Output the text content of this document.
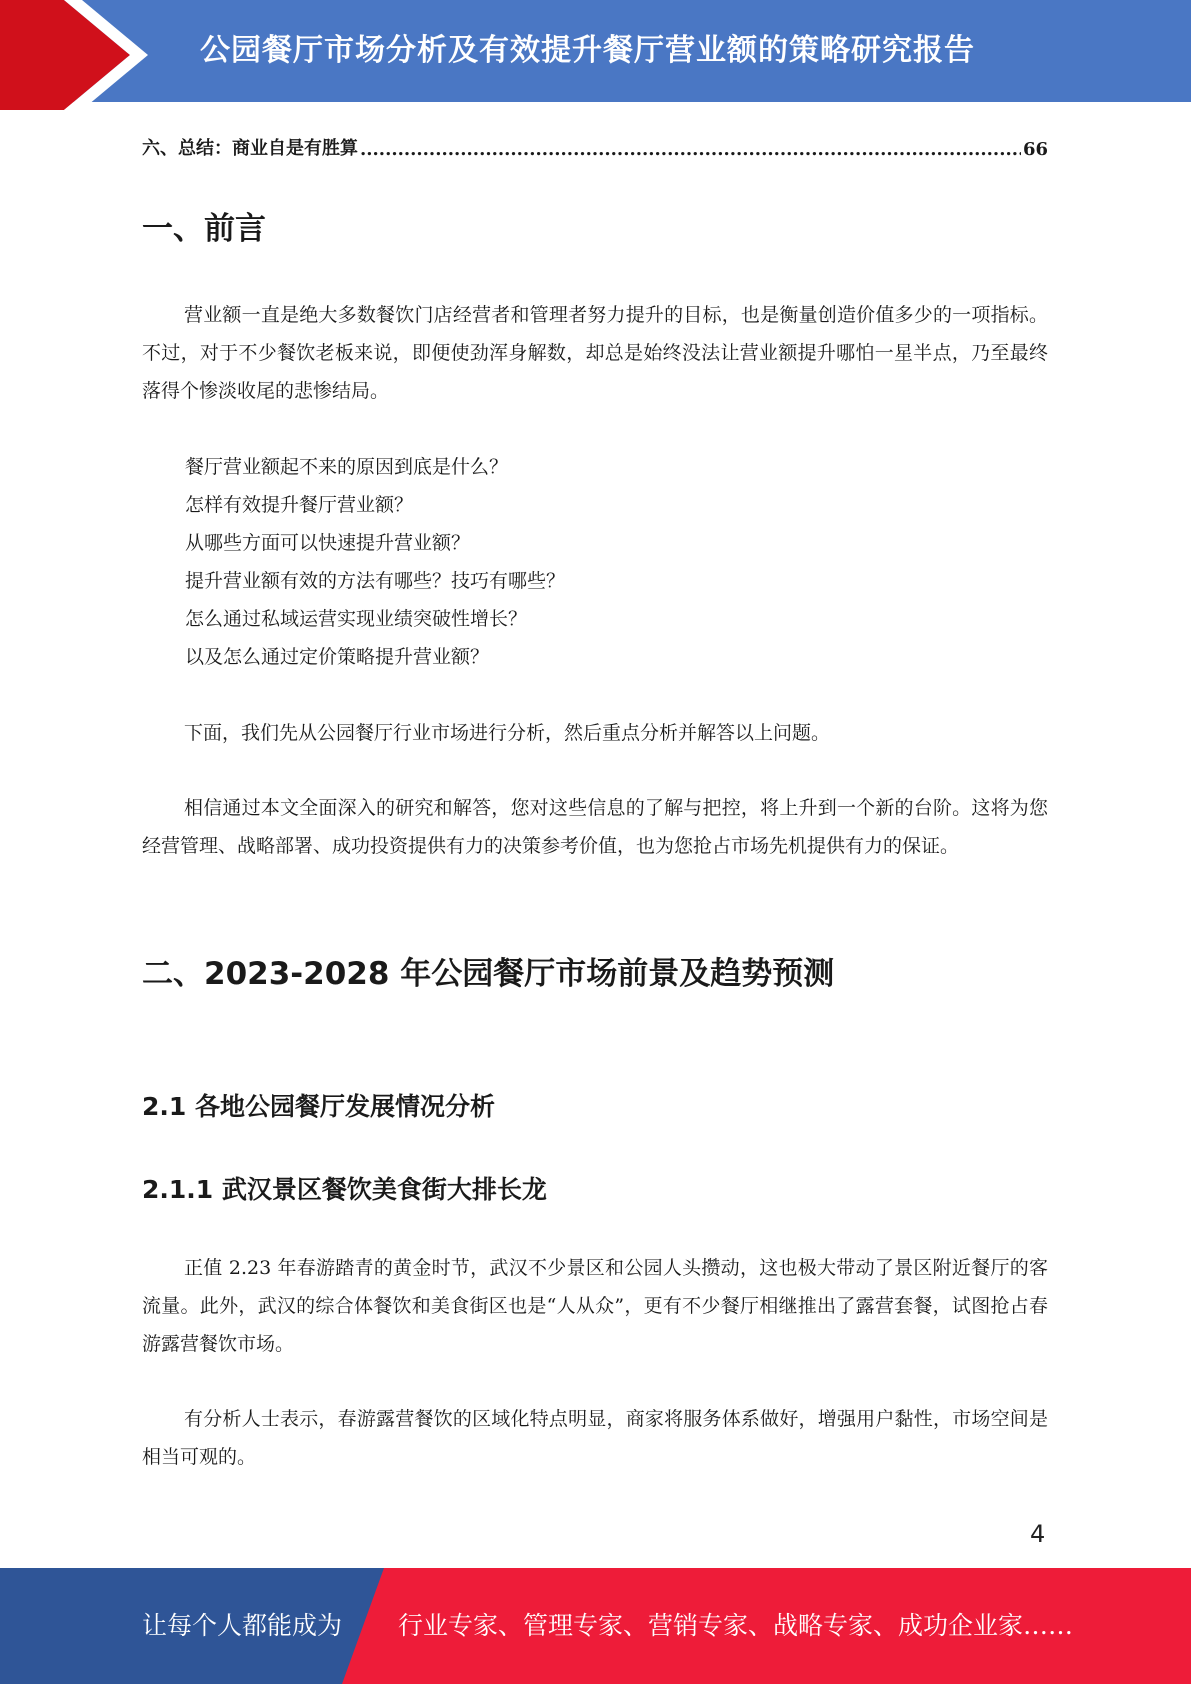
公园餐厅市场分析及有效提升餐厅营业额的策略研究报告
六、总结：商业自是有胜算
.....	66
一、前言

营业额一直是绝大多数餐饮门店经营者和管理者努力提升的目标，也是衡量创造价值多少的一项指标。不过，对于不少餐饮老板来说，即便使劲浑身解数，却总是始终没法让营业额提升哪怕一星半点，乃至最终落得个惨淡收尾的悲惨结局。

餐厅营业额起不来的原因到底是什么？
怎样有效提升餐厅营业额？
从哪些方面可以快速提升营业额？
提升营业额有效的方法有哪些？技巧有哪些？
怎么通过私域运营实现业绩突破性增长？
以及怎么通过定价策略提升营业额？

下面，我们先从公园餐厅行业市场进行分析，然后重点分析并解答以上问题。

相信通过本文全面深入的研究和解答，您对这些信息的了解与把控，将上升到一个新的台阶。这将为您经营管理、战略部署、成功投资提供有力的决策参考价值，也为您抢占市场先机提供有力的保证。

二、2023-2028 年公园餐厅市场前景及趋势预测
2.1 各地公园餐厅发展情况分析
2.1.1 武汉景区餐饮美食街大排长龙

正值 2.23 年春游踏青的黄金时节，武汉不少景区和公园人头攒动，这也极大带动了景区附近餐厅的客流量。此外，武汉的综合体餐饮和美食街区也是“人从众”，更有不少餐厅相继推出了露营套餐，试图抢占春游露营餐饮市场。

有分析人士表示，春游露营餐饮的区域化特点明显，商家将服务体系做好，增强用户黏性，市场空间是相当可观的。

4
让每个人都能成为 行业专家、管理专家、营销专家、战略专家、成功企业家……
